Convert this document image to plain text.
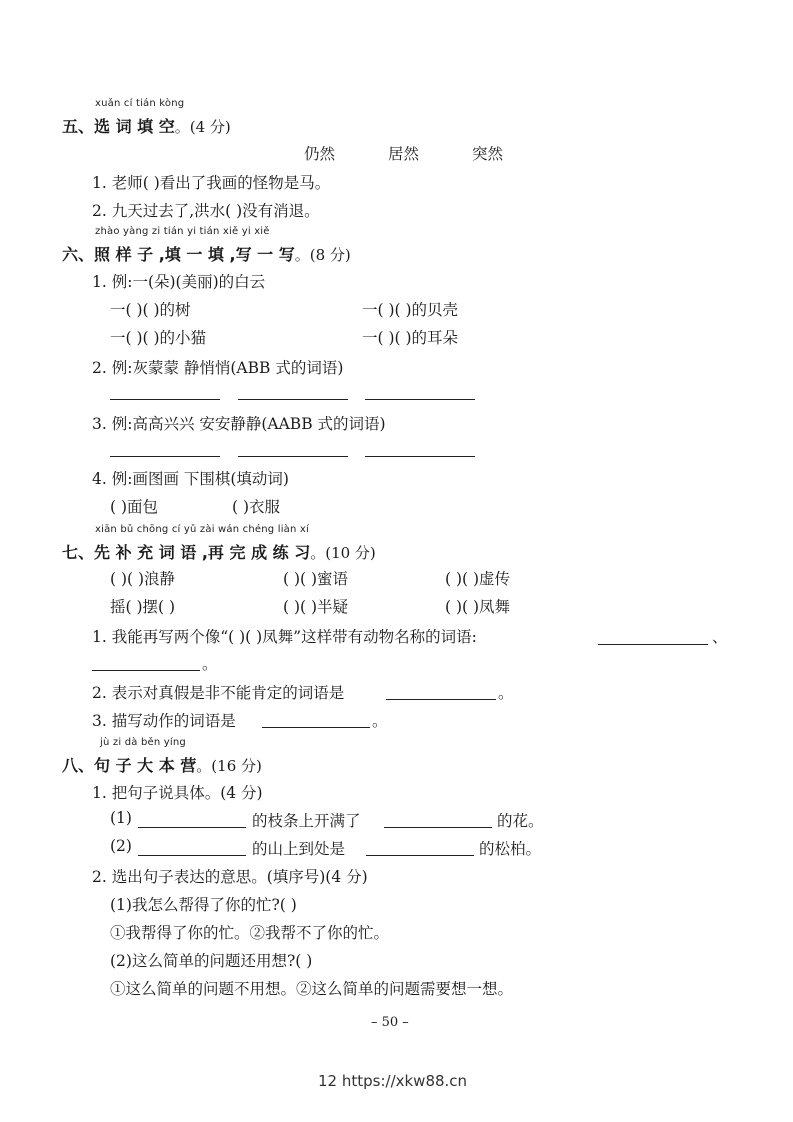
xuǎn cí tián kòng
五、选 词 填 空。(4 分)
仍然	居然	突然
1. 老师( )看出了我画的怪物是马。
2. 九天过去了,洪水( )没有消退。
zhào yàng zi tián yi tián xiě yi xiě
六、照 样 子 ,填 一 填 ,写 一 写。(8 分)
1. 例:一(朵)(美丽)的白云
一( )( )的树	一( )( )的贝壳
一( )( )的小猫	一( )( )的耳朵
2. 例:灰蒙蒙 静悄悄(ABB 式的词语)
3. 例:高高兴兴 安安静静(AABB 式的词语)
4. 例:画图画 下围棋(填动词)
( )面包	( )衣服
xiān bǔ chōng cí yǔ zài wán chéng liàn xí
七、先 补 充 词 语 ,再 完 成 练 习。(10 分)
( )( )浪静	( )( )蜜语	( )( )虚传
摇( )摆( )	( )( )半疑	( )( )凤舞
1. 我能再写两个像“( )( )凤舞”这样带有动物名称的词语:	、
。
2. 表示对真假是非不能肯定的词语是	。
3. 描写动作的词语是	。
jù zi dà běn yíng
八、句 子 大 本 营。(16 分)
1. 把句子说具体。(4 分)
(1)	的枝条上开满了	的花。
(2)	的山上到处是	的松柏。
2. 选出句子表达的意思。(填序号)(4 分)
(1)我怎么帮得了你的忙?( )
①我帮得了你的忙。②我帮不了你的忙。
(2)这么简单的问题还用想?( )
①这么简单的问题不用想。②这么简单的问题需要想一想。
– 50 –
12 https://xkw88.cn
